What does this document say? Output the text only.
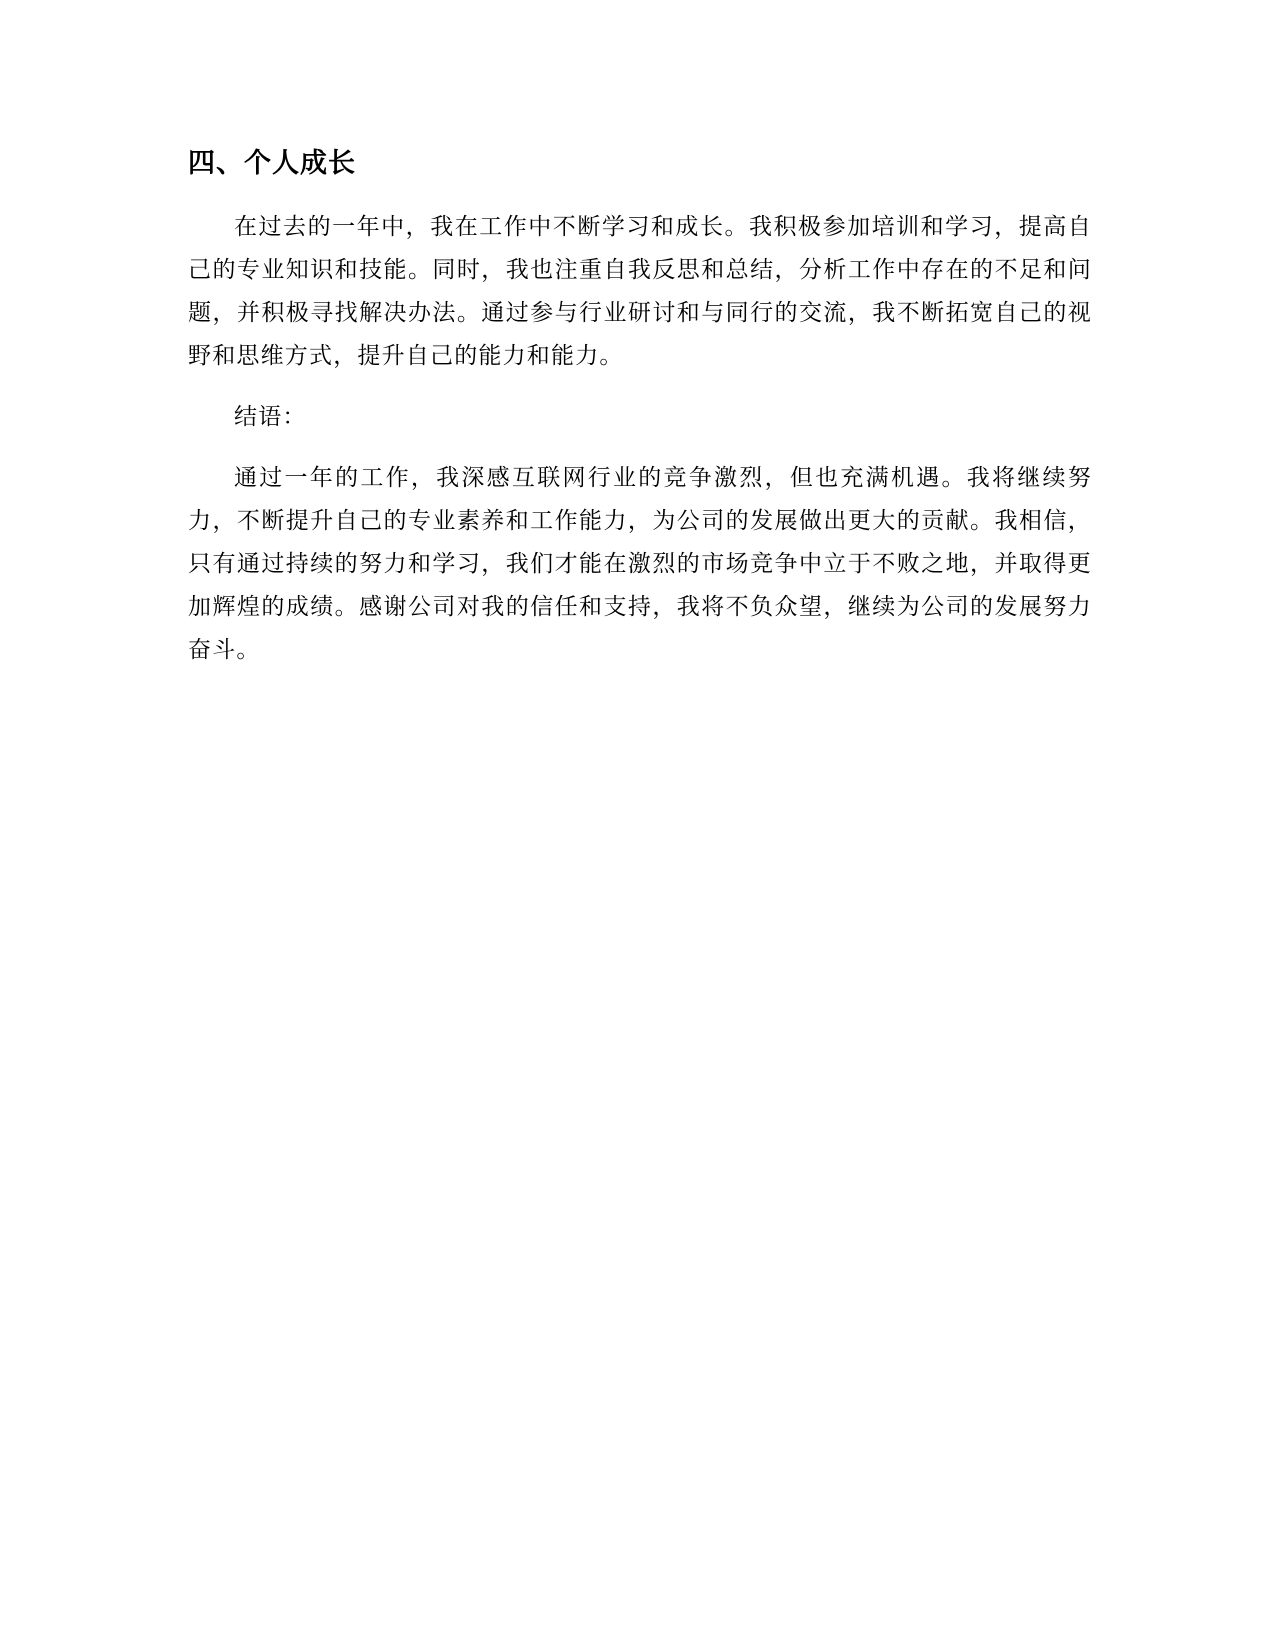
四、个人成长

在过去的一年中，我在工作中不断学习和成长。我积极参加培训和学习，提高自己的专业知识和技能。同时，我也注重自我反思和总结，分析工作中存在的不足和问题，并积极寻找解决办法。通过参与行业研讨和与同行的交流，我不断拓宽自己的视野和思维方式，提升自己的能力和能力。

结语：

通过一年的工作，我深感互联网行业的竞争激烈，但也充满机遇。我将继续努力，不断提升自己的专业素养和工作能力，为公司的发展做出更大的贡献。我相信，只有通过持续的努力和学习，我们才能在激烈的市场竞争中立于不败之地，并取得更加辉煌的成绩。感谢公司对我的信任和支持，我将不负众望，继续为公司的发展努力奋斗。
